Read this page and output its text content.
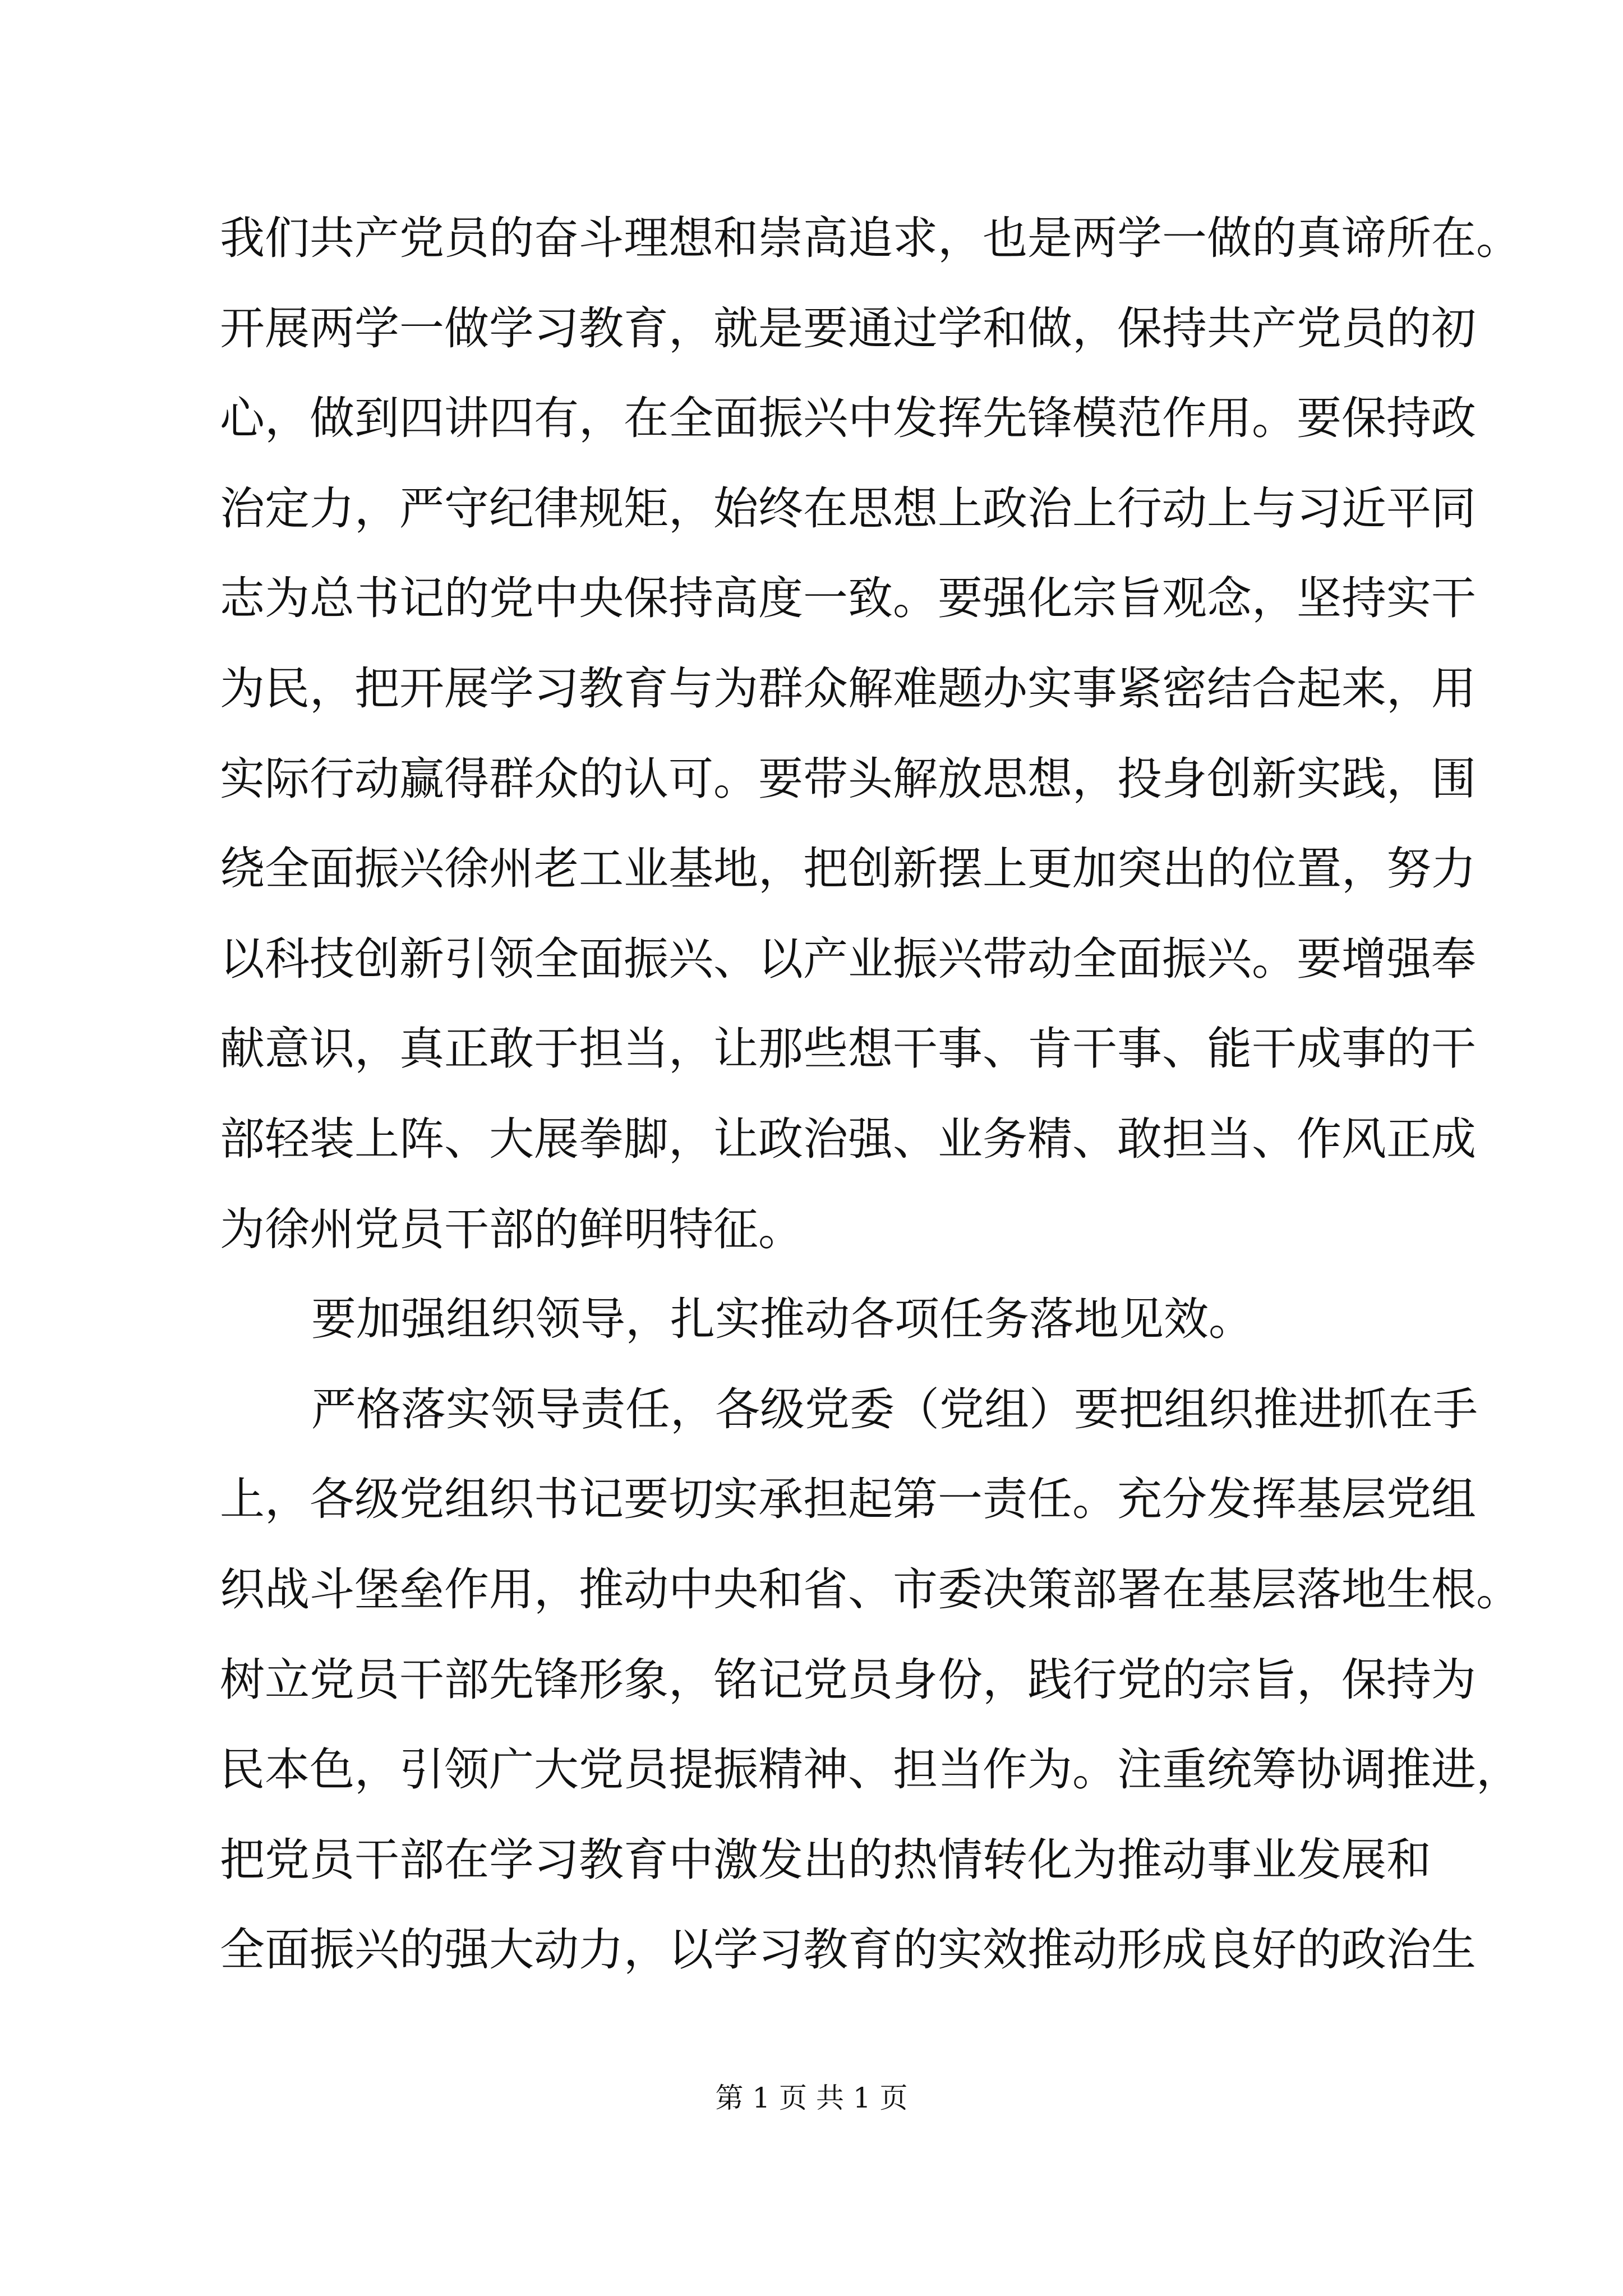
我们共产党员的奋斗理想和崇高追求，也是两学一做的真谛所在。

开展两学一做学习教育，就是要通过学和做，保持共产党员的初

心，做到四讲四有，在全面振兴中发挥先锋模范作用。要保持政

治定力，严守纪律规矩，始终在思想上政治上行动上与习近平同

志为总书记的党中央保持高度一致。要强化宗旨观念，坚持实干

为民，把开展学习教育与为群众解难题办实事紧密结合起来，用

实际行动赢得群众的认可。要带头解放思想，投身创新实践，围

绕全面振兴徐州老工业基地，把创新摆上更加突出的位置，努力

以科技创新引领全面振兴、以产业振兴带动全面振兴。要增强奉

献意识，真正敢于担当，让那些想干事、肯干事、能干成事的干

部轻装上阵、大展拳脚，让政治强、业务精、敢担当、作风正成

为徐州党员干部的鲜明特征。

要加强组织领导，扎实推动各项任务落地见效。

严格落实领导责任，各级党委（党组）要把组织推进抓在手

上，各级党组织书记要切实承担起第一责任。充分发挥基层党组

织战斗堡垒作用，推动中央和省、市委决策部署在基层落地生根。

树立党员干部先锋形象，铭记党员身份，践行党的宗旨，保持为

民本色，引领广大党员提振精神、担当作为。注重统筹协调推进，

把党员干部在学习教育中激发出的热情转化为推动事业发展和

全面振兴的强大动力，以学习教育的实效推动形成良好的政治生

第 1 页 共 1 页
